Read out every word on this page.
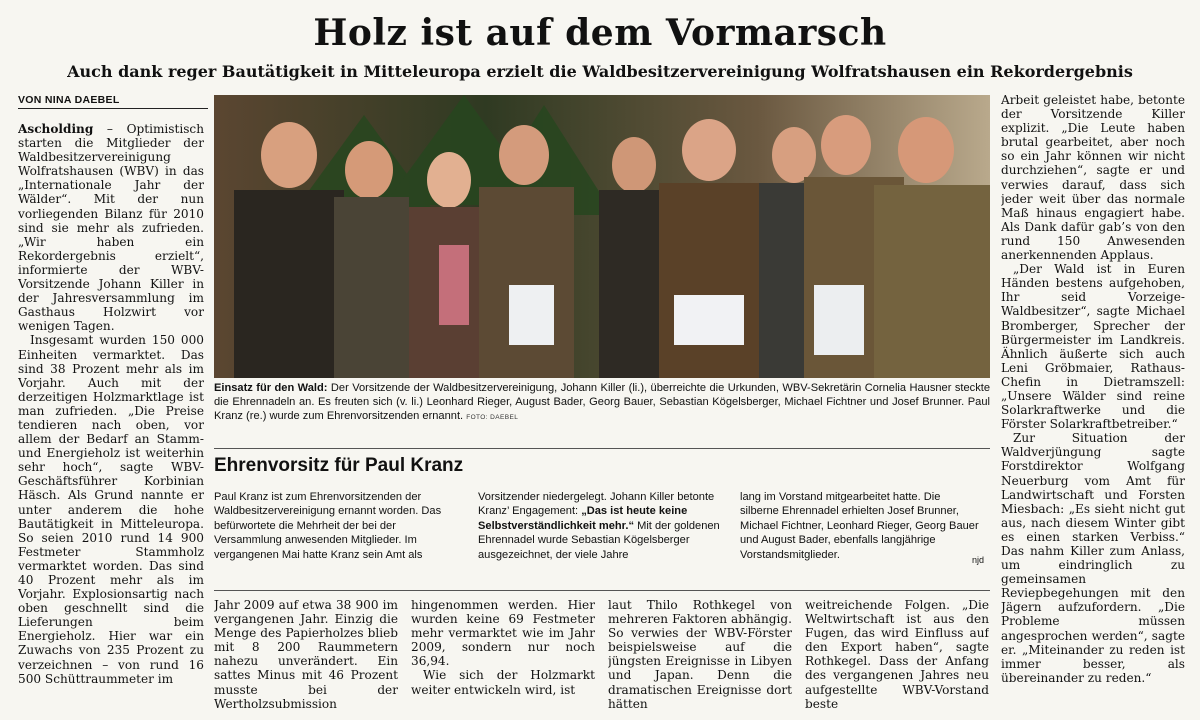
Holz ist auf dem Vormarsch
Auch dank reger Bautätigkeit in Mitteleuropa erzielt die Waldbesitzervereinigung Wolfratshausen ein Rekordergebnis
VON NINA DAEBEL

Ascholding – Optimistisch starten die Mitglieder der Waldbesitzervereinigung Wolfratshausen (WBV) in das „Internationale Jahr der Wälder“. Mit der nun vorliegenden Bilanz für 2010 sind sie mehr als zufrieden. „Wir haben ein Rekordergebnis erzielt“, informierte der WBV-Vorsitzende Johann Killer in der Jahresversammlung im Gasthaus Holzwirt vor wenigen Tagen.

Insgesamt wurden 150 000 Einheiten vermarktet. Das sind 38 Prozent mehr als im Vorjahr. Auch mit der derzeitigen Holzmarktlage ist man zufrieden. „Die Preise tendieren nach oben, vor allem der Bedarf an Stamm- und Energieholz ist weiterhin sehr hoch“, sagte WBV-Geschäftsführer Korbinian Häsch. Als Grund nannte er unter anderem die hohe Bautätigkeit in Mitteleuropa. So seien 2010 rund 14 900 Festmeter Stammholz vermarktet worden. Das sind 40 Prozent mehr als im Vorjahr. Explosionsartig nach oben geschnellt sind die Lieferungen beim Energieholz. Hier war ein Zuwachs von 235 Prozent zu verzeichnen – von rund 16 500 Schüttraummeter im

Einsatz für den Wald: Der Vorsitzende der Waldbesitzervereinigung, Johann Killer (li.), überreichte die Urkunden, WBV-Sekretärin Cornelia Hausner steckte die Ehrennadeln an. Es freuten sich (v. li.) Leonhard Rieger, August Bader, Georg Bauer, Sebastian Kögelsberger, Michael Fichtner und Josef Brunner. Paul Kranz (re.) wurde zum Ehrenvorsitzenden ernannt. FOTO: DAEBEL
Ehrenvorsitz für Paul Kranz
Paul Kranz ist zum Ehrenvorsitzenden der Waldbesitzervereinigung ernannt worden. Das befürwortete die Mehrheit der bei der Versammlung anwesenden Mitglieder. Im vergangenen Mai hatte Kranz sein Amt als
Vorsitzender niedergelegt. Johann Killer betonte Kranz’ Engagement: „Das ist heute keine Selbstverständlichkeit mehr.“ Mit der goldenen Ehrennadel wurde Sebastian Kögelsberger ausgezeichnet, der viele Jahre
lang im Vorstand mitgearbeitet hatte. Die silberne Ehrennadel erhielten Josef Brunner, Michael Fichtner, Leonhard Rieger, Georg Bauer und August Bader, ebenfalls langjährige Vorstandsmitglieder.	njd

Jahr 2009 auf etwa 38 900 im vergangenen Jahr. Einzig die Menge des Papierholzes blieb mit 8 200 Raummetern nahezu unverändert. Ein sattes Minus mit 46 Prozent musste bei der Wertholzsubmission

hingenommen werden. Hier wurden keine 69 Festmeter mehr vermarktet wie im Jahr 2009, sondern nur noch 36,94.

Wie sich der Holzmarkt weiter entwickeln wird, ist

laut Thilo Rothkegel von mehreren Faktoren abhängig. So verwies der WBV-Förster beispielsweise auf die jüngsten Ereignisse in Libyen und Japan. Denn die dramatischen Ereignisse dort hätten

weitreichende Folgen. „Die Weltwirtschaft ist aus den Fugen, das wird Einfluss auf den Export haben“, sagte Rothkegel. Dass der Anfang des vergangenen Jahres neu aufgestellte WBV-Vorstand beste

Arbeit geleistet habe, betonte der Vorsitzende Killer explizit. „Die Leute haben brutal gearbeitet, aber noch so ein Jahr können wir nicht durchziehen“, sagte er und verwies darauf, dass sich jeder weit über das normale Maß hinaus engagiert habe. Als Dank dafür gab’s von den rund 150 Anwesenden anerkennenden Applaus.

„Der Wald ist in Euren Händen bestens aufgehoben, Ihr seid Vorzeige-Waldbesitzer“, sagte Michael Bromberger, Sprecher der Bürgermeister im Landkreis. Ähnlich äußerte sich auch Leni Gröbmaier, Rathaus-Chefin in Dietramszell: „Unsere Wälder sind reine Solarkraftwerke und die Förster Solarkraftbetreiber.“

Zur Situation der Waldverjüngung sagte Forstdirektor Wolfgang Neuerburg vom Amt für Landwirtschaft und Forsten Miesbach: „Es sieht nicht gut aus, nach diesem Winter gibt es einen starken Verbiss.“ Das nahm Killer zum Anlass, um eindringlich zu gemeinsamen Reviерbegehungen mit den Jägern aufzufordern. „Die Probleme müssen angesprochen werden“, sagte er. „Miteinander zu reden ist immer besser, als übereinander zu reden.“
